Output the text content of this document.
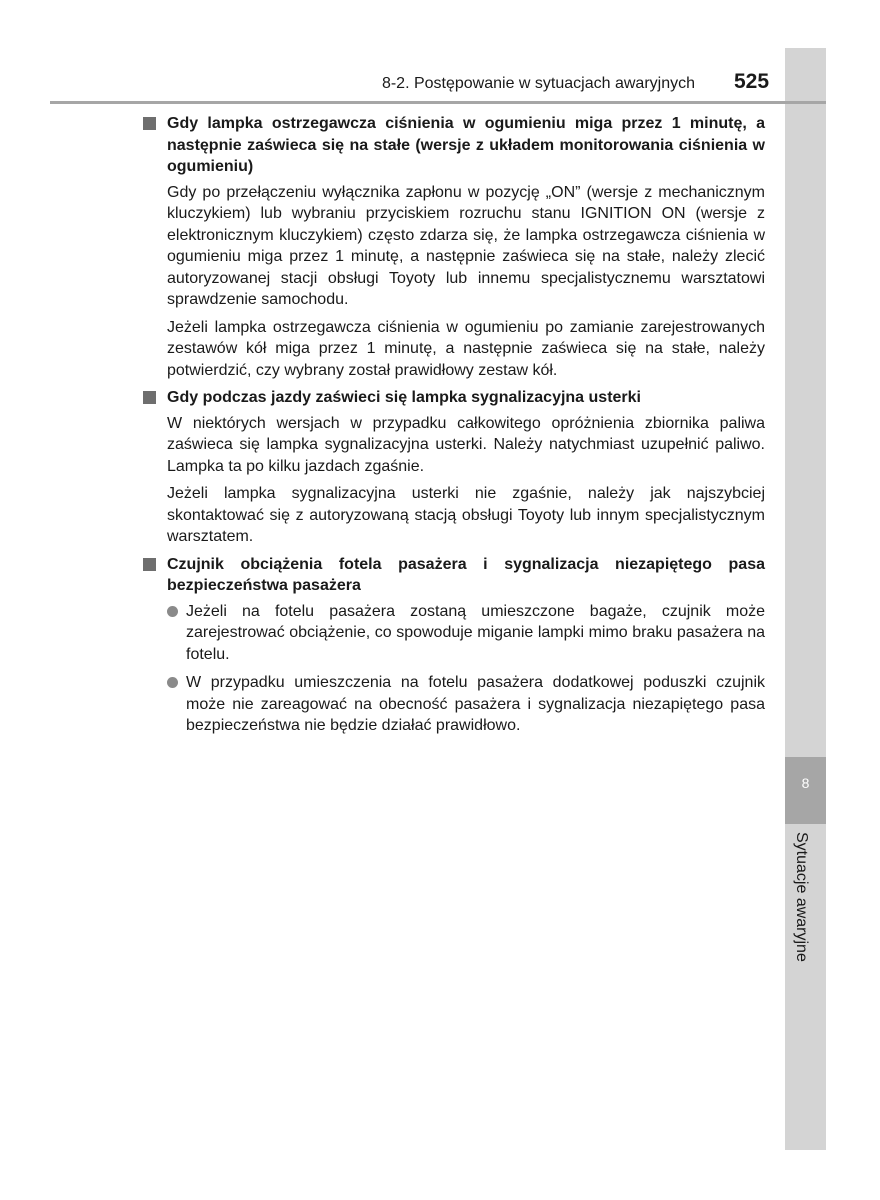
8
Sytuacje awaryjne
8-2. Postępowanie w sytuacjach awaryjnych 525

Gdy lampka ostrzegawcza ciśnienia w ogumieniu miga przez 1 minutę, a następnie zaświeca się na stałe (wersje z układem monitorowania ciśnienia w ogumieniu)

Gdy po przełączeniu wyłącznika zapłonu w pozycję „ON” (wersje z mechanicznym kluczykiem) lub wybraniu przyciskiem rozruchu stanu IGNITION ON (wersje z elektronicznym kluczykiem) często zdarza się, że lampka ostrzegawcza ciśnienia w ogumieniu miga przez 1 minutę, a następnie zaświeca się na stałe, należy zlecić autoryzowanej stacji obsługi Toyoty lub innemu specjalistycznemu warsztatowi sprawdzenie samochodu.

Jeżeli lampka ostrzegawcza ciśnienia w ogumieniu po zamianie zarejestrowanych zestawów kół miga przez 1 minutę, a następnie zaświeca się na stałe, należy potwierdzić, czy wybrany został prawidłowy zestaw kół.

Gdy podczas jazdy zaświeci się lampka sygnalizacyjna usterki

W niektórych wersjach w przypadku całkowitego opróżnienia zbiornika paliwa zaświeca się lampka sygnalizacyjna usterki. Należy natychmiast uzupełnić paliwo. Lampka ta po kilku jazdach zgaśnie.

Jeżeli lampka sygnalizacyjna usterki nie zgaśnie, należy jak najszybciej skontaktować się z autoryzowaną stacją obsługi Toyoty lub innym specjalistycznym warsztatem.

Czujnik obciążenia fotela pasażera i sygnalizacja niezapiętego pasa bezpieczeństwa pasażera

Jeżeli na fotelu pasażera zostaną umieszczone bagaże, czujnik może zarejestrować obciążenie, co spowoduje miganie lampki mimo braku pasażera na fotelu.
W przypadku umieszczenia na fotelu pasażera dodatkowej poduszki czujnik może nie zareagować na obecność pasażera i sygnalizacja niezapiętego pasa bezpieczeństwa nie będzie działać prawidłowo.
